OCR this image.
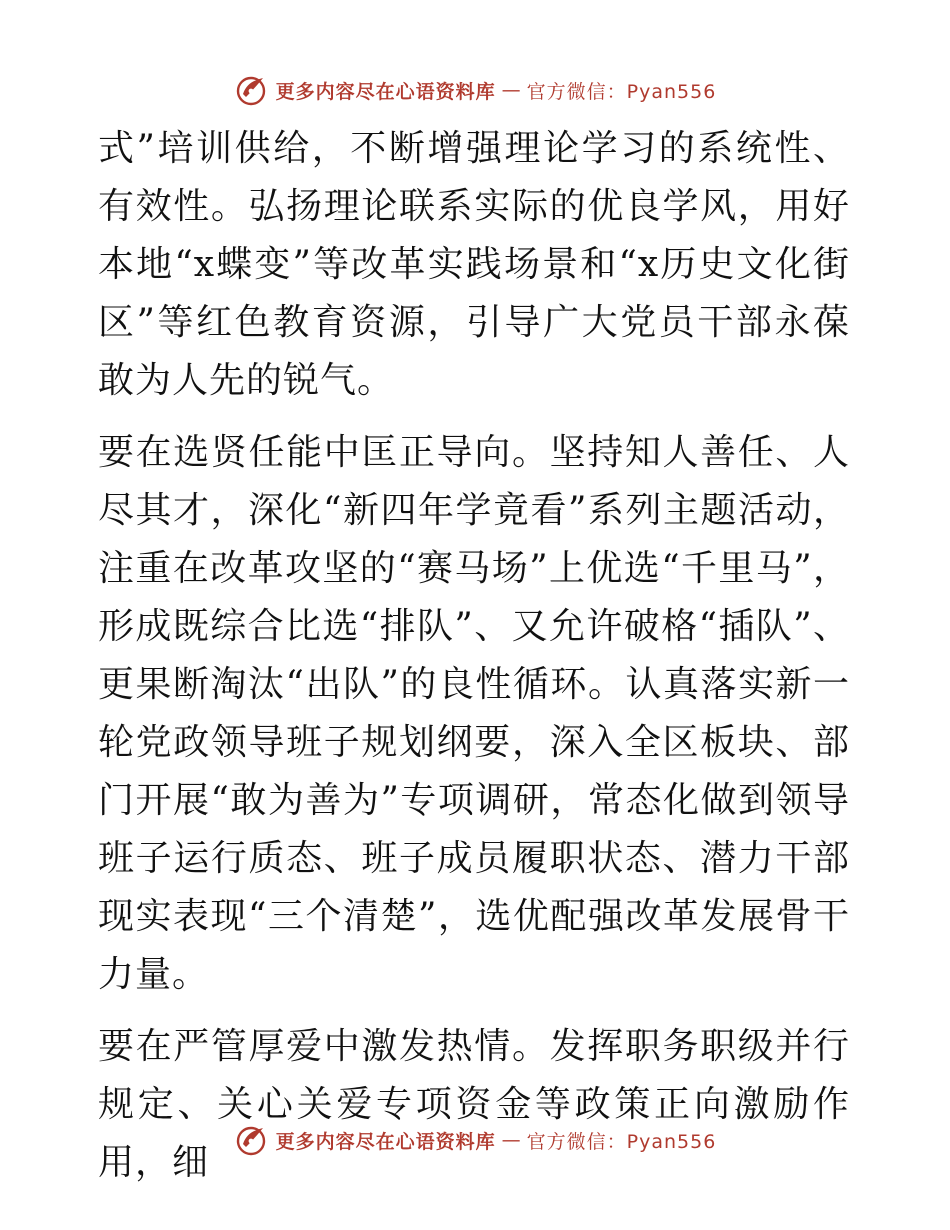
更多内容尽在心语资料库 — 官方微信：Pyan556

式”培训供给，不断增强理论学习的系统性、有效性。弘扬理论联系实际的优良学风，用好本地“x蝶变”等改革实践场景和“x历史文化街区”等红色教育资源，引导广大党员干部永葆敢为人先的锐气。

要在选贤任能中匡正导向。坚持知人善任、人尽其才，深化“新四年学竟看”系列主题活动，注重在改革攻坚的“赛马场”上优选“千里马”，形成既综合比选“排队”、又允许破格“插队”、更果断淘汰“出队”的良性循环。认真落实新一轮党政领导班子规划纲要，深入全区板块、部门开展“敢为善为”专项调研，常态化做到领导班子运行质态、班子成员履职状态、潜力干部现实表现“三个清楚”，选优配强改革发展骨干力量。

要在严管厚爱中激发热情。发挥职务职级并行规定、关心关爱专项资金等政策正向激励作用，细

更多内容尽在心语资料库 — 官方微信：Pyan556
